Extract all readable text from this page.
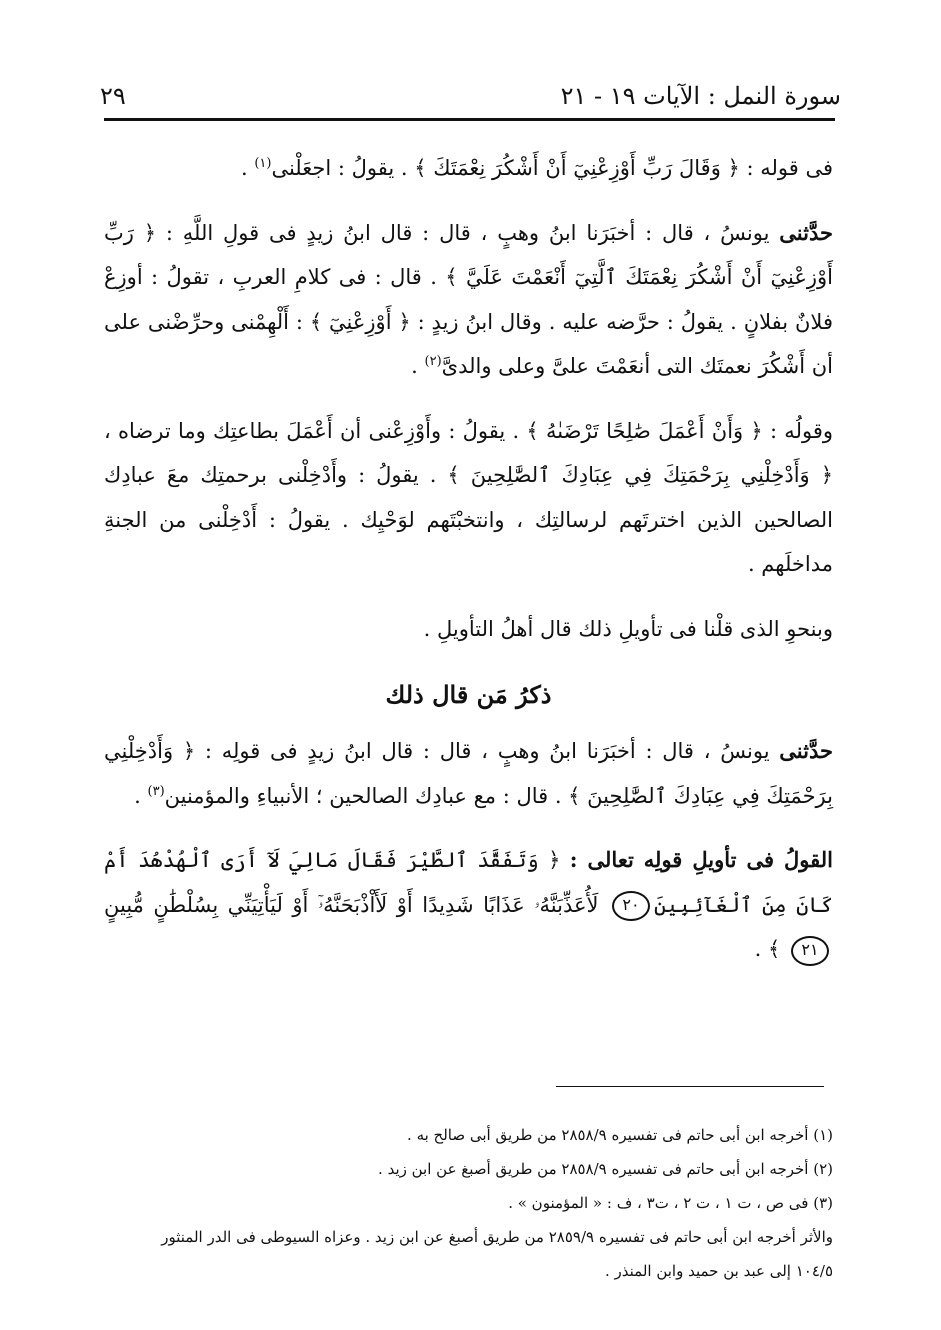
سورة النمل : الآيات ١٩ - ٢١
٢٩

فى قوله : ﴿ وَقَالَ رَبِّ أَوْزِعْنِيٓ أَنْ أَشْكُرَ نِعْمَتَكَ ﴾ . يقولُ : اجعَلْنى$^{(١)}$ .

حدَّثنى يونسُ ، قال : أخبَرَنا ابنُ وهبٍ ، قال : قال ابنُ زيدٍ فى قولِ اللَّهِ : ﴿ رَبِّ أَوْزِعْنِيٓ أَنْ أَشْكُرَ نِعْمَتَكَ ٱلَّتِيٓ أَنْعَمْتَ عَلَيَّ ﴾ . قال : فى كلامِ العربِ ، تقولُ : أوزِعْ فلانٌ بفلانٍ . يقولُ : حرَّضه عليه . وقال ابنُ زيدٍ : ﴿ أَوْزِعْنِيٓ ﴾ : أَلْهِمْنى وحرِّضْنى على أن أَشْكُرَ نعمتَك التى أنعَمْتَ علىَّ وعلى والدىَّ$^{(٢)}$ .

وقولُه : ﴿ وَأَنْ أَعْمَلَ صَٰلِحًا تَرْضَىٰهُ ﴾ . يقولُ : وأَوْزِعْنى أن أَعْمَلَ بطاعتِك وما ترضاه ، ﴿ وَأَدْخِلْنِي بِرَحْمَتِكَ فِي عِبَادِكَ ٱلصَّٰلِحِينَ ﴾ . يقولُ : وأَدْخِلْنى برحمتِك معَ عبادِك الصالحين الذين اخترتَهم لرسالتِك ، وانتخبْتَهم لوَحْيِك . يقولُ : أَدْخِلْنى من الجنةِ مداخلَهم .

وبنحوِ الذى قلْنا فى تأويلِ ذلك قال أهلُ التأويلِ .

ذكرُ مَن قال ذلك

حدَّثنى يونسُ ، قال : أخبَرَنا ابنُ وهبٍ ، قال : قال ابنُ زيدٍ فى قولِه : ﴿ وَأَدْخِلْنِي بِرَحْمَتِكَ فِي عِبَادِكَ ٱلصَّٰلِحِينَ ﴾ . قال : مع عبادِك الصالحين ؛ الأنبياءِ والمؤمنين$^{(٣)}$ .

القولُ فى تأويلِ قولِه تعالى : ﴿ وَتَفَقَّدَ ٱلطَّيْرَ فَقَالَ مَالِيَ لَآ أَرَى ٱلْهُدْهُدَ أَمْ كَانَ مِنَ ٱلْغَآئِبِينَ٢٠ لَأُعَذِّبَنَّهُۥ عَذَابًا شَدِيدًا أَوْ لَأَاْذْبَحَنَّهُۥٓ أَوْ لَيَأْتِيَنِّي بِسُلْطَٰنٍ مُّبِينٍ٢١ ﴾ .

(١) أخرجه ابن أبى حاتم فى تفسيره ٢٨٥٨/٩ من طريق أبى صالح به .

(٢) أخرجه ابن أبى حاتم فى تفسيره ٢٨٥٨/٩ من طريق أصبغ عن ابن زيد .

(٣) فى ص ، ت ١ ، ت ٢ ، ت٣ ، ف : « المؤمنون » .

والأثر أخرجه ابن أبى حاتم فى تفسيره ٢٨٥٩/٩ من طريق أصبغ عن ابن زيد . وعزاه السيوطى فى الدر المنثور

١٠٤/٥ إلى عبد بن حميد وابن المنذر .
